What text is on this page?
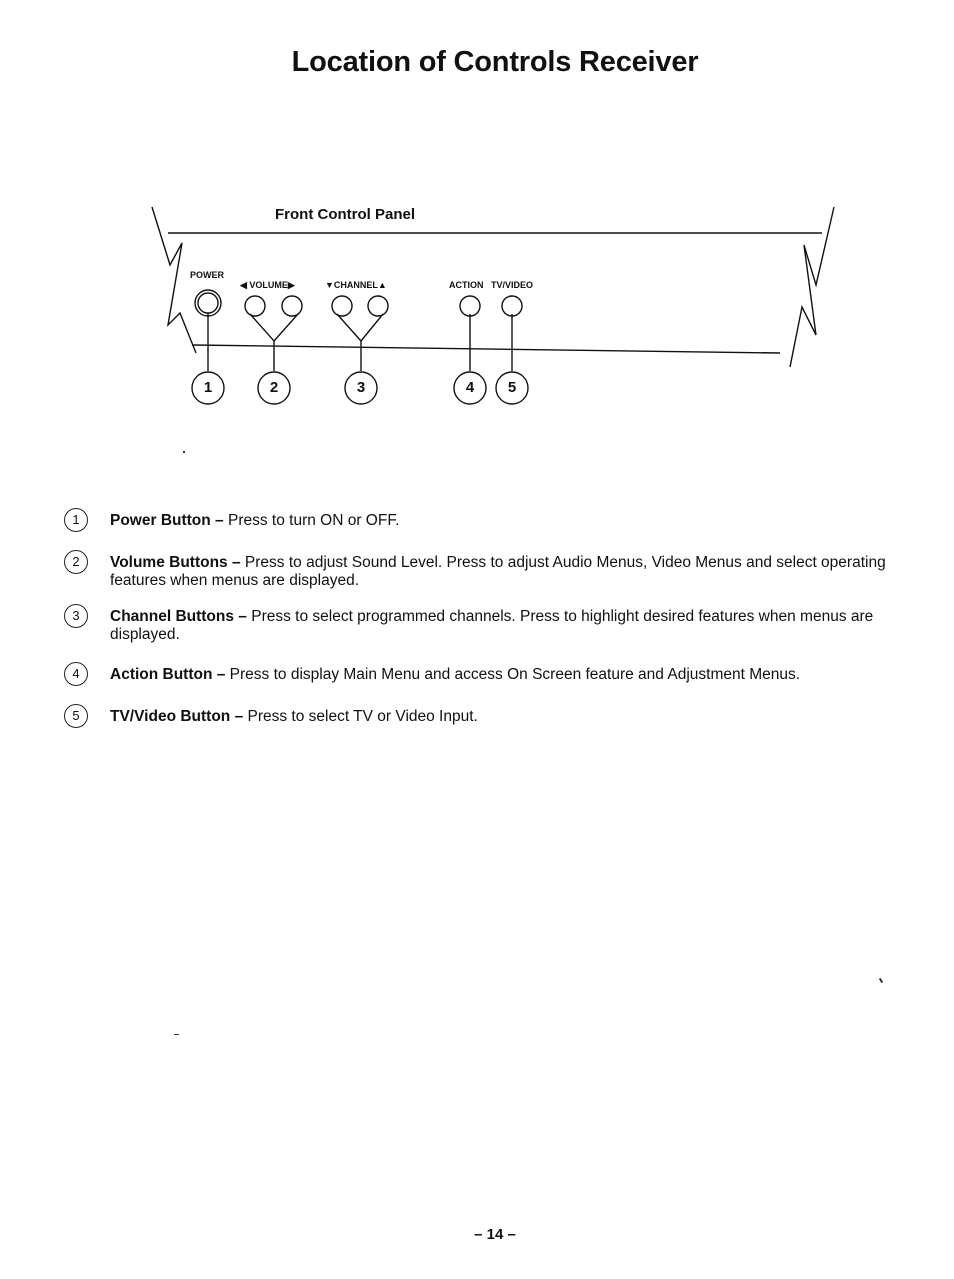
Location of Controls Receiver
Front Control Panel
POWER
◀ VOLUME▶	▼CHANNEL▲	ACTION TV/VIDEO
1	2	3	4	5
1	Power Button – Press to turn ON or OFF.
2	Volume Buttons – Press to adjust Sound Level. Press to adjust Audio Menus, Video Menus and select operating features when menus are displayed.
3	Channel Buttons – Press to select programmed channels. Press to highlight desired features when menus are displayed.
4	Action Button – Press to display Main Menu and access On Screen feature and Adjustment Menus.
5	TV/Video Button – Press to select TV or Video Input.
– 14 –
